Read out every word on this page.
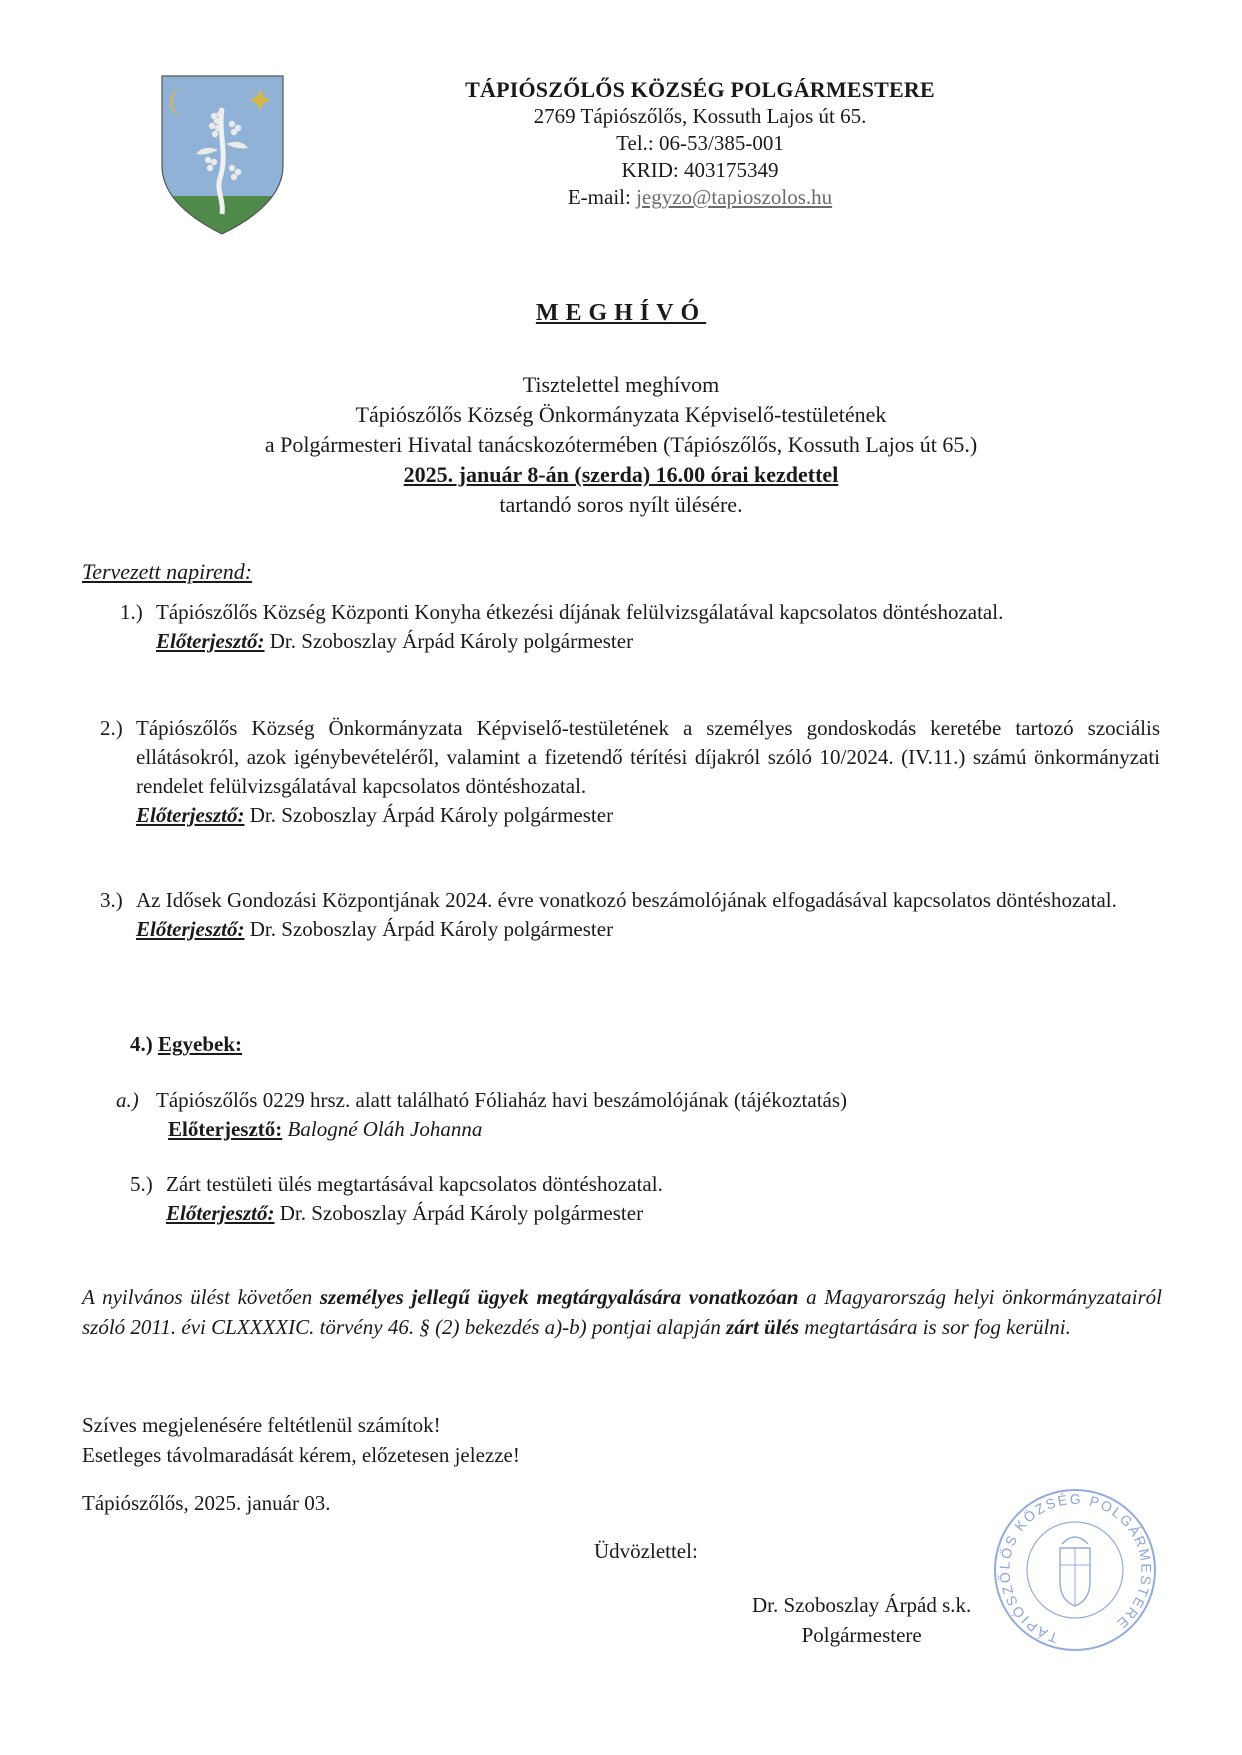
TÁPIÓSZŐLŐS KÖZSÉG POLGÁRMESTERE
2769 Tápiószőlős, Kossuth Lajos út 65.
Tel.: 06-53/385-001
KRID: 403175349
E-mail: jegyzo@tapioszolos.hu
MEGHÍVÓ
Tisztelettel meghívom
Tápiószőlős Község Önkormányzata Képviselő-testületének
a Polgármesteri Hivatal tanácskozótermében (Tápiószőlős, Kossuth Lajos út 65.)
2025. január 8-án (szerda) 16.00 órai kezdettel
tartandó soros nyílt ülésére.
Tervezett napirend:
1.) Tápiószőlős Község Központi Konyha étkezési díjának felülvizsgálatával kapcsolatos döntéshozatal.
Előterjesztő: Dr. Szoboszlay Árpád Károly polgármester
2.) Tápiószőlős Község Önkormányzata Képviselő-testületének a személyes gondoskodás keretébe tartozó szociális ellátásokról, azok igénybevételéről, valamint a fizetendő térítési díjakról szóló 10/2024. (IV.11.) számú önkormányzati rendelet felülvizsgálatával kapcsolatos döntéshozatal.
Előterjesztő: Dr. Szoboszlay Árpád Károly polgármester
3.) Az Idősek Gondozási Központjának 2024. évre vonatkozó beszámolójának elfogadásával kapcsolatos döntéshozatal.
Előterjesztő: Dr. Szoboszlay Árpád Károly polgármester
4.) Egyebek:
a.) Tápiószőlős 0229 hrsz. alatt található Fóliaház havi beszámolójának (tájékoztatás)
Előterjesztő: Balogné Oláh Johanna
5.) Zárt testületi ülés megtartásával kapcsolatos döntéshozatal.
Előterjesztő: Dr. Szoboszlay Árpád Károly polgármester
A nyilvános ülést követően személyes jellegű ügyek megtárgyalására vonatkozóan a Magyarország helyi önkormányzatairól szóló 2011. évi CLXXXXIC. törvény 46. § (2) bekezdés a)-b) pontjai alapján zárt ülés megtartására is sor fog kerülni.
Szíves megjelenésére feltétlenül számítok!
Esetleges távolmaradását kérem, előzetesen jelezze!
Tápiószőlős, 2025. január 03.
Üdvözlettel:
Dr. Szoboszlay Árpád s.k.
Polgármestere	TÁPIÓSZŐLŐS KÖZSÉG POLGÁRMESTERE
